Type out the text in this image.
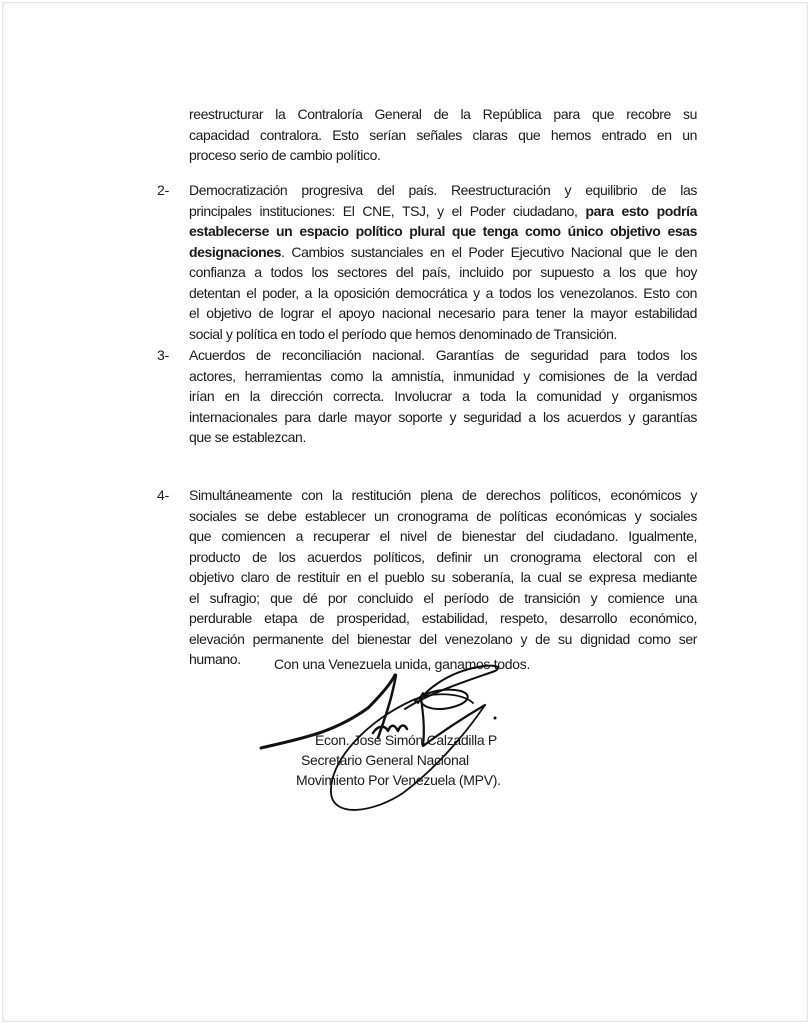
reestructurar la Contraloría General de la República para que recobre su
capacidad contralora. Esto serían señales claras que hemos entrado en un
proceso serio de cambio político.
2- Democratización progresiva del país. Reestructuración y equilibrio de las
principales instituciones: El CNE, TSJ, y el Poder ciudadano, para esto podría
establecerse un espacio político plural que tenga como único objetivo esas
designaciones. Cambios sustanciales en el Poder Ejecutivo Nacional que le den
confianza a todos los sectores del país, incluido por supuesto a los que hoy
detentan el poder, a la oposición democrática y a todos los venezolanos. Esto con
el objetivo de lograr el apoyo nacional necesario para tener la mayor estabilidad
social y política en todo el período que hemos denominado de Transición.
3- Acuerdos de reconciliación nacional. Garantías de seguridad para todos los
actores, herramientas como la amnistía, inmunidad y comisiones de la verdad
irían en la dirección correcta. Involucrar a toda la comunidad y organismos
internacionales para darle mayor soporte y seguridad a los acuerdos y garantías
que se establezcan.
4- Simultáneamente con la restitución plena de derechos políticos, económicos y
sociales se debe establecer un cronograma de políticas económicas y sociales
que comiencen a recuperar el nivel de bienestar del ciudadano. Igualmente,
producto de los acuerdos políticos, definir un cronograma electoral con el
objetivo claro de restituir en el pueblo su soberanía, la cual se expresa mediante
el sufragio; que dé por concluido el período de transición y comience una
perdurable etapa de prosperidad, estabilidad, respeto, desarrollo económico,
elevación permanente del bienestar del venezolano y de su dignidad como ser
humano.	Con una Venezuela unida, ganamos todos.
Econ. José Simón Calzadilla P
Secretario General Nacional
Movimiento Por Venezuela (MPV).
